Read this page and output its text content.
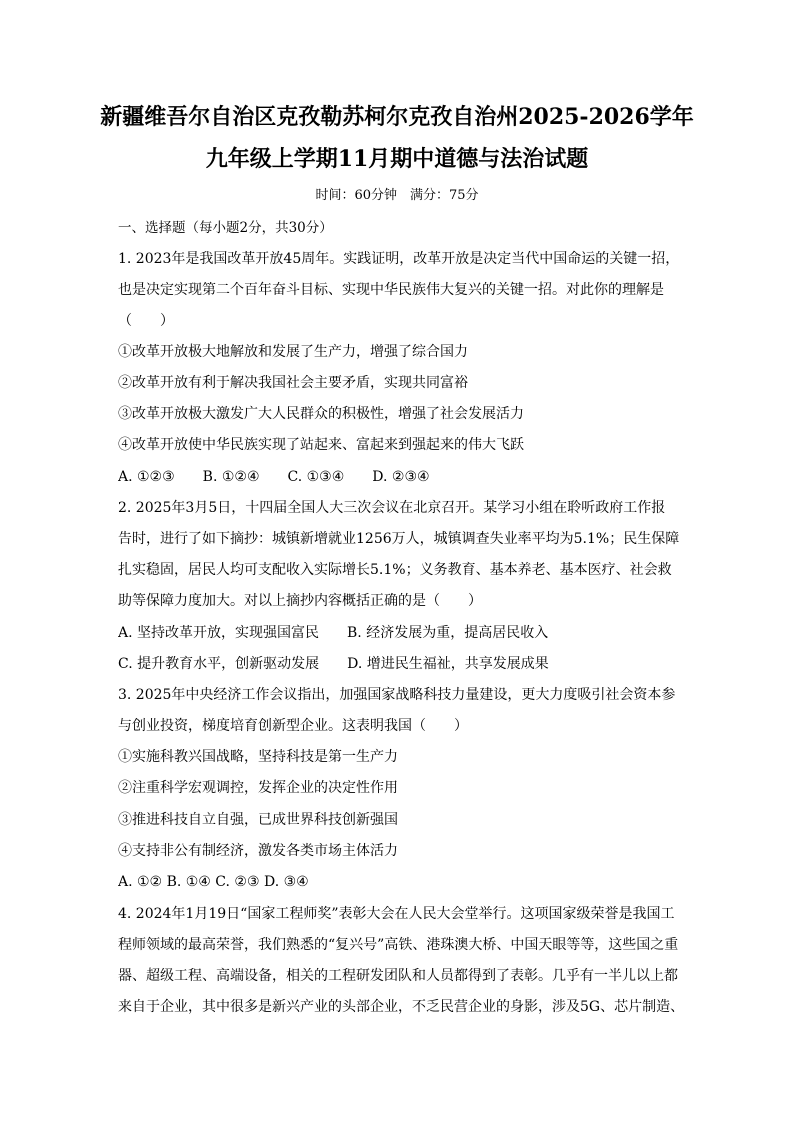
新疆维吾尔自治区克孜勒苏柯尔克孜自治州2025-2026学年
九年级上学期11月期中道德与法治试题
时间：60分钟　满分：75分
一、选择题（每小题2分，共30分）
1. 2023年是我国改革开放45周年。实践证明，改革开放是决定当代中国命运的关键一招，
也是决定实现第二个百年奋斗目标、实现中华民族伟大复兴的关键一招。对此你的理解是
（　　）
①改革开放极大地解放和发展了生产力，增强了综合国力
②改革开放有利于解决我国社会主要矛盾，实现共同富裕
③改革开放极大激发广大人民群众的积极性，增强了社会发展活力
④改革开放使中华民族实现了站起来、富起来到强起来的伟大飞跃
A. ①②③　　B. ①②④　　C. ①③④　　D. ②③④
2. 2025年3月5日，十四届全国人大三次会议在北京召开。某学习小组在聆听政府工作报
告时，进行了如下摘抄：城镇新增就业1256万人，城镇调查失业率平均为5.1%；民生保障
扎实稳固，居民人均可支配收入实际增长5.1%；义务教育、基本养老、基本医疗、社会救
助等保障力度加大。对以上摘抄内容概括正确的是（　　）
A. 坚持改革开放，实现强国富民　　B. 经济发展为重，提高居民收入
C. 提升教育水平，创新驱动发展　　D. 增进民生福祉，共享发展成果
3. 2025年中央经济工作会议指出，加强国家战略科技力量建设，更大力度吸引社会资本参
与创业投资，梯度培育创新型企业。这表明我国（　　）
①实施科教兴国战略，坚持科技是第一生产力
②注重科学宏观调控，发挥企业的决定性作用
③推进科技自立自强，已成世界科技创新强国
④支持非公有制经济，激发各类市场主体活力
A. ①② B. ①④ C. ②③ D. ③④
4. 2024年1月19日“国家工程师奖”表彰大会在人民大会堂举行。这项国家级荣誉是我国工
程师领域的最高荣誉，我们熟悉的“复兴号”高铁、港珠澳大桥、中国天眼等等，这些国之重
器、超级工程、高端设备，相关的工程研发团队和人员都得到了表彰。几乎有一半儿以上都
来自于企业，其中很多是新兴产业的头部企业，不乏民营企业的身影，涉及5G、芯片制造、
